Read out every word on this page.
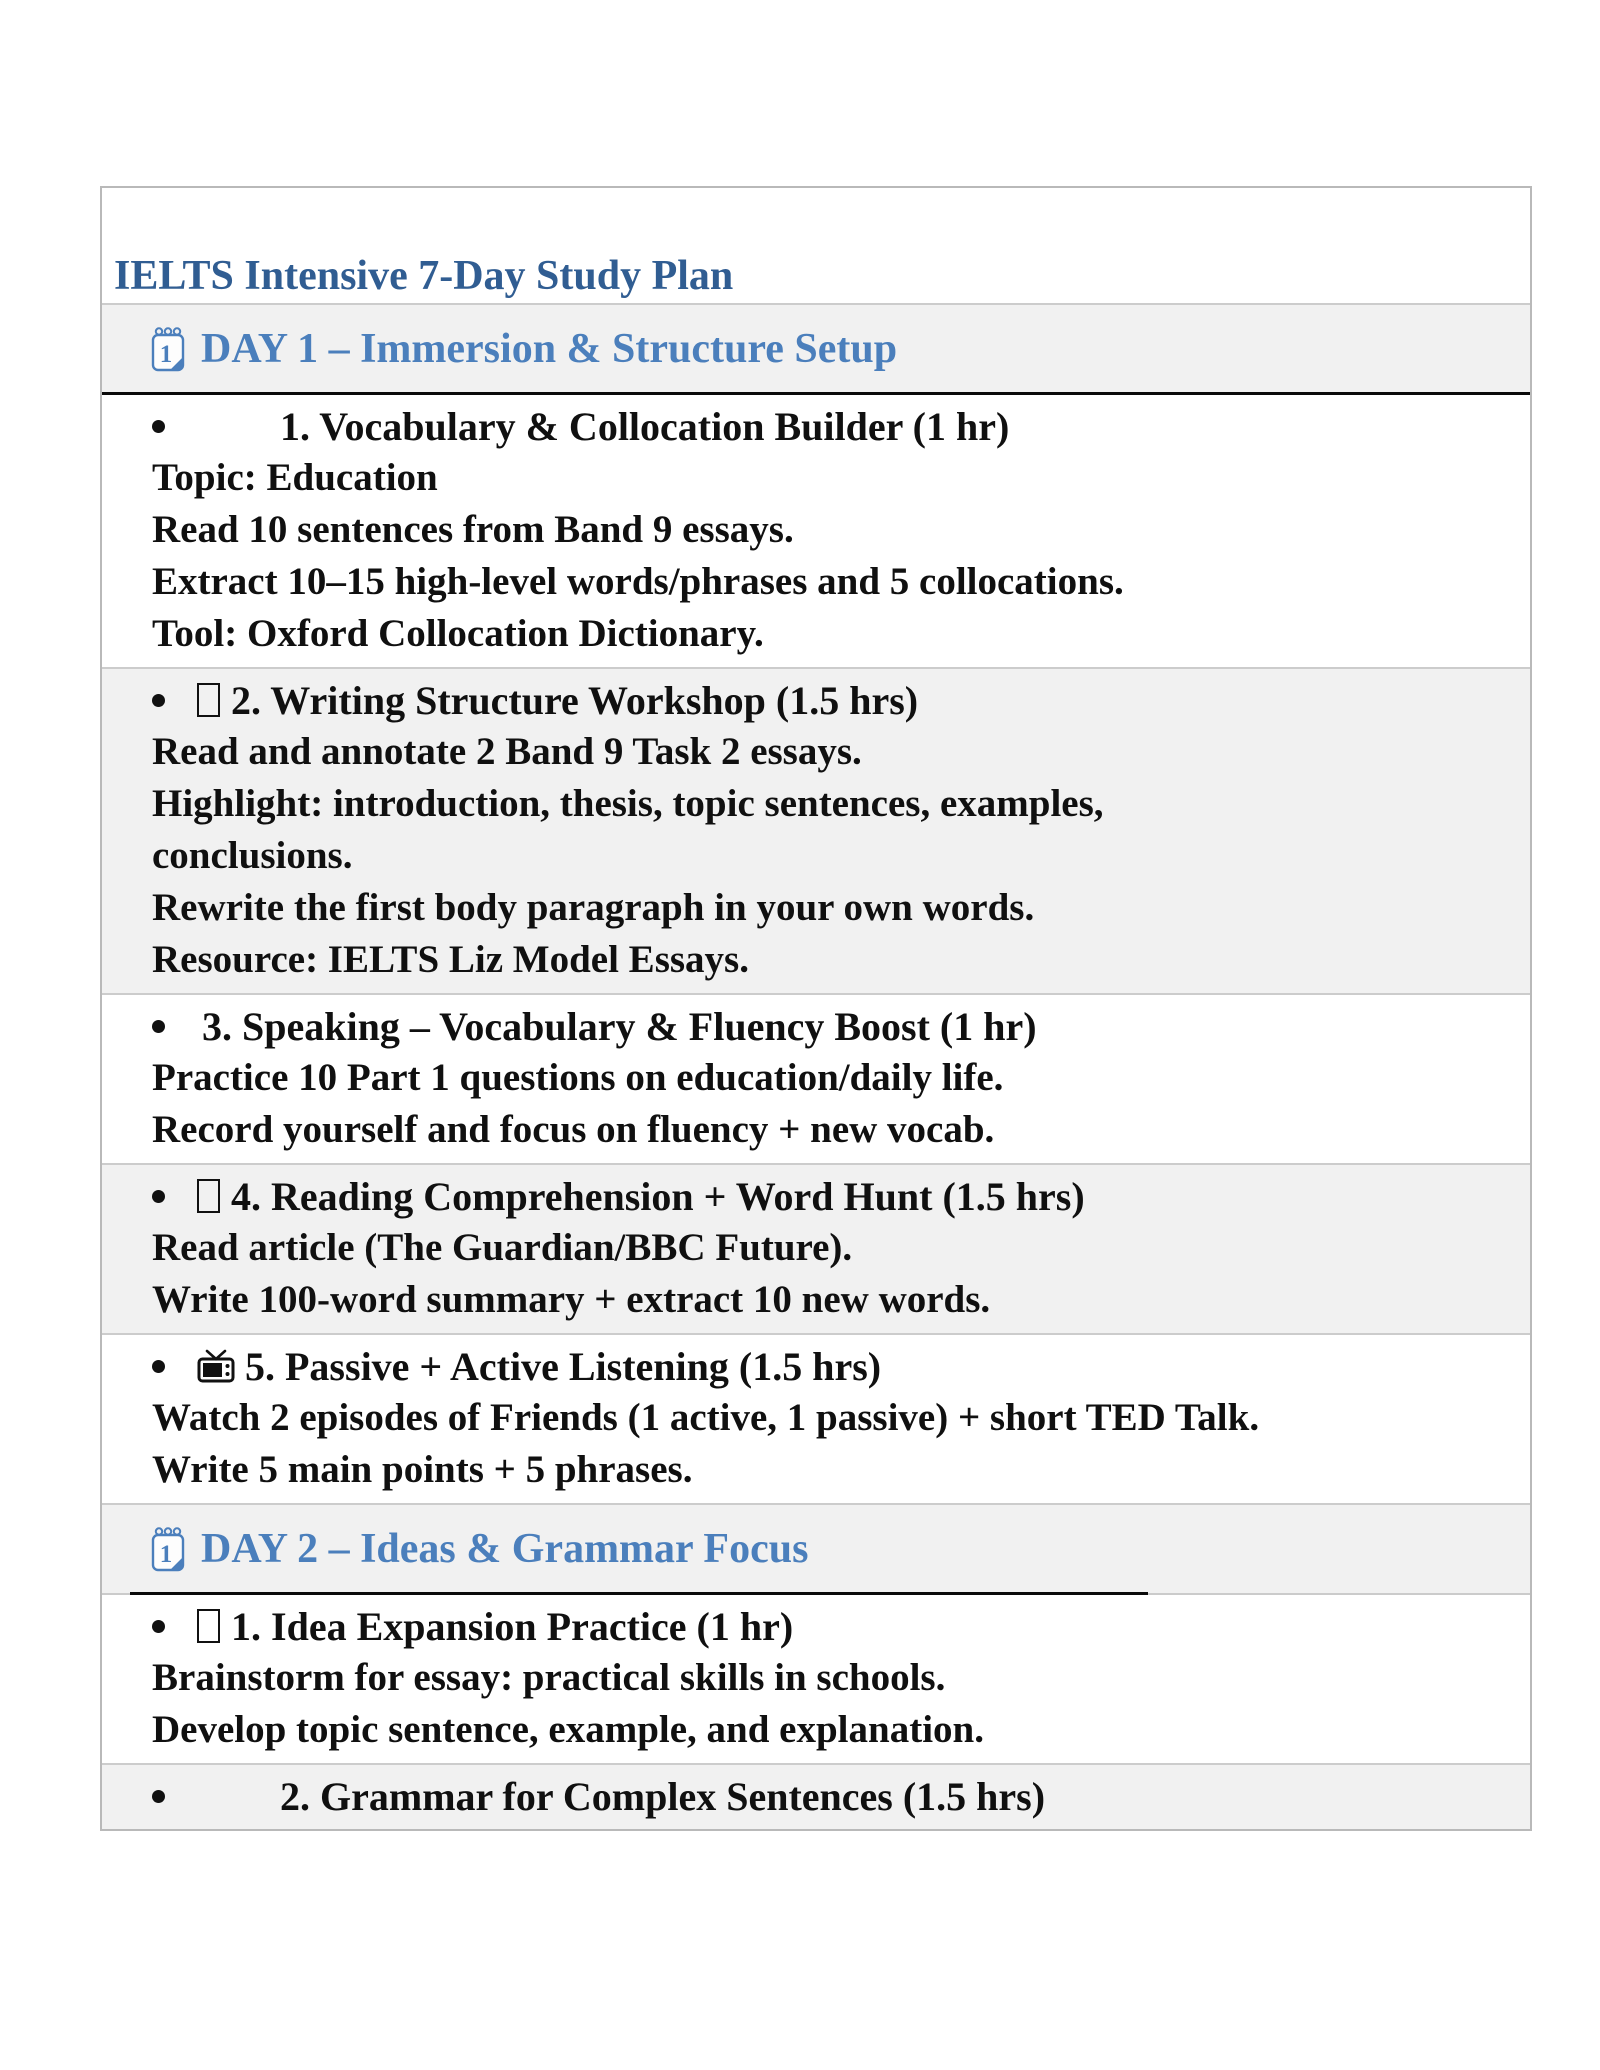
IELTS Intensive 7-Day Study Plan
DAY 1 – Immersion & Structure Setup
1. Vocabulary & Collocation Builder (1 hr)
Topic: Education
Read 10 sentences from Band 9 essays.
Extract 10–15 high-level words/phrases and 5 collocations.
Tool: Oxford Collocation Dictionary.
2. Writing Structure Workshop (1.5 hrs)
Read and annotate 2 Band 9 Task 2 essays.
Highlight: introduction, thesis, topic sentences, examples,
conclusions.
Rewrite the first body paragraph in your own words.
Resource: IELTS Liz Model Essays.
3. Speaking – Vocabulary & Fluency Boost (1 hr)
Practice 10 Part 1 questions on education/daily life.
Record yourself and focus on fluency + new vocab.
4. Reading Comprehension + Word Hunt (1.5 hrs)
Read article (The Guardian/BBC Future).
Write 100-word summary + extract 10 new words.
5. Passive + Active Listening (1.5 hrs)
Watch 2 episodes of Friends (1 active, 1 passive) + short TED Talk.
Write 5 main points + 5 phrases.
DAY 2 – Ideas & Grammar Focus
1. Idea Expansion Practice (1 hr)
Brainstorm for essay: practical skills in schools.
Develop topic sentence, example, and explanation.
2. Grammar for Complex Sentences (1.5 hrs)
